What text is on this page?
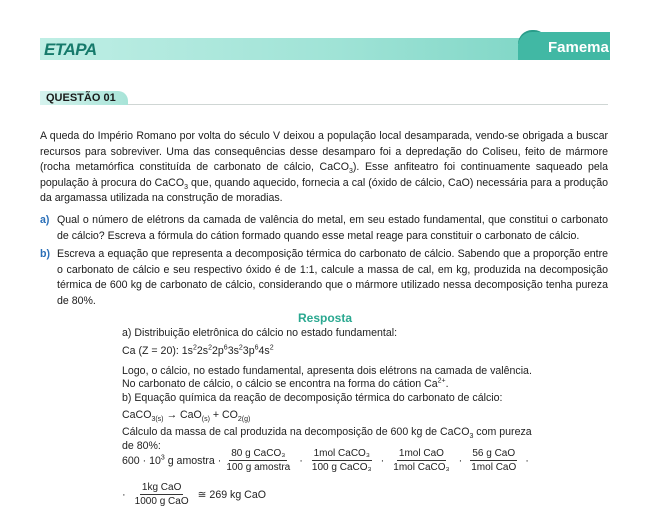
ETAPA	Famema
QUESTÃO 01
A queda do Império Romano por volta do século V deixou a população local desamparada, vendo-se obrigada a buscar recursos para sobreviver. Uma das consequências desse desamparo foi a depredação do Coliseu, feito de mármore (rocha metamórfica constituída de carbonato de cálcio, CaCO$_3$). Esse anfiteatro foi continuamente saqueado pela população à procura do CaCO$_3$ que, quando aquecido, fornecia a cal (óxido de cálcio, CaO) necessária para a produção da argamassa utilizada na construção de moradias.
a) Qual o número de elétrons da camada de valência do metal, em seu estado fundamental, que constitui o carbonato de cálcio? Escreva a fórmula do cátion formado quando esse metal reage para constituir o carbonato de cálcio.
b) Escreva a equação que representa a decomposição térmica do carbonato de cálcio. Sabendo que a proporção entre o carbonato de cálcio e seu respectivo óxido é de 1:1, calcule a massa de cal, em kg, produzida na decomposição térmica de 600 kg de carbonato de cálcio, considerando que o mármore utilizado nessa decomposição tenha pureza de 80%.
Resposta

a) Distribuição eletrônica do cálcio no estado fundamental:

Ca (Z = 20): $1s^22s^22p^63s^23p^64s^2$

Logo, o cálcio, no estado fundamental, apresenta dois elétrons na camada de valência.

No carbonato de cálcio, o cálcio se encontra na forma do cátion $Ca^{2+}$.

b) Equação química da reação de decomposição térmica do carbonato de cálcio:

CaCO$_{3(s)}$ → $CaO_{(s)} + CO_{2(g)}$

Cálculo da massa de cal produzida na decomposição de 600 kg de CaCO$_3$ com pureza

de 80%:

$600 \cdot 10^3$ g amostra · $\frac{\text{80 g CaCO₃}}{\text{100 g amostra}} \cdot \frac{\text{1mol CaCO₃}}{\text{100 g CaCO₃}} \cdot \frac{\text{1mol CaO}}{\text{1mol CaCO₃}} \cdot \frac{\text{56 g CaO}}{\text{1mol CaO}}$ ·
· $\frac{\text{1kg CaO}}{\text{1000 g CaO}}$ ≅ 269 kg CaO
